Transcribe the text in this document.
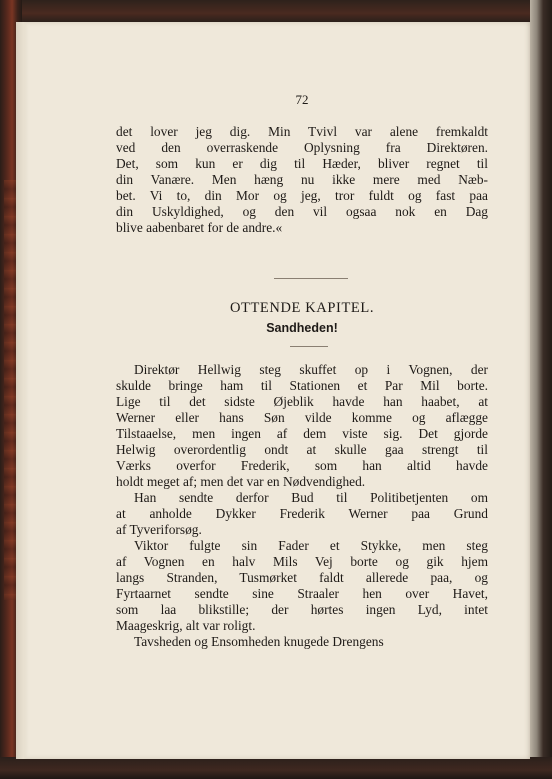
72
det lover jeg dig. Min Tvivl var alene fremkaldt
ved den overraskende Oplysning fra Direktøren.
Det, som kun er dig til Hæder, bliver regnet til
din Vanære. Men hæng nu ikke mere med Næb-
bet. Vi to, din Mor og jeg, tror fuldt og fast paa
din Uskyldighed, og den vil ogsaa nok en Dag
blive aabenbaret for de andre.«
OTTENDE KAPITEL.
Sandheden!
Direktør Hellwig steg skuffet op i Vognen, der
skulde bringe ham til Stationen et Par Mil borte.
Lige til det sidste Øjeblik havde han haabet, at
Werner eller hans Søn vilde komme og aflægge
Tilstaaelse, men ingen af dem viste sig. Det gjorde
Helwig overordentlig ondt at skulle gaa strengt til
Værks overfor Frederik, som han altid havde
holdt meget af; men det var en Nødvendighed.
Han sendte derfor Bud til Politibetjenten om
at anholde Dykker Frederik Werner paa Grund
af Tyveriforsøg.
Viktor fulgte sin Fader et Stykke, men steg
af Vognen en halv Mils Vej borte og gik hjem
langs Stranden, Tusmørket faldt allerede paa, og
Fyrtaarnet sendte sine Straaler hen over Havet,
som laa blikstille; der hørtes ingen Lyd, intet
Maageskrig, alt var roligt.
Tavsheden og Ensomheden knugede Drengens
